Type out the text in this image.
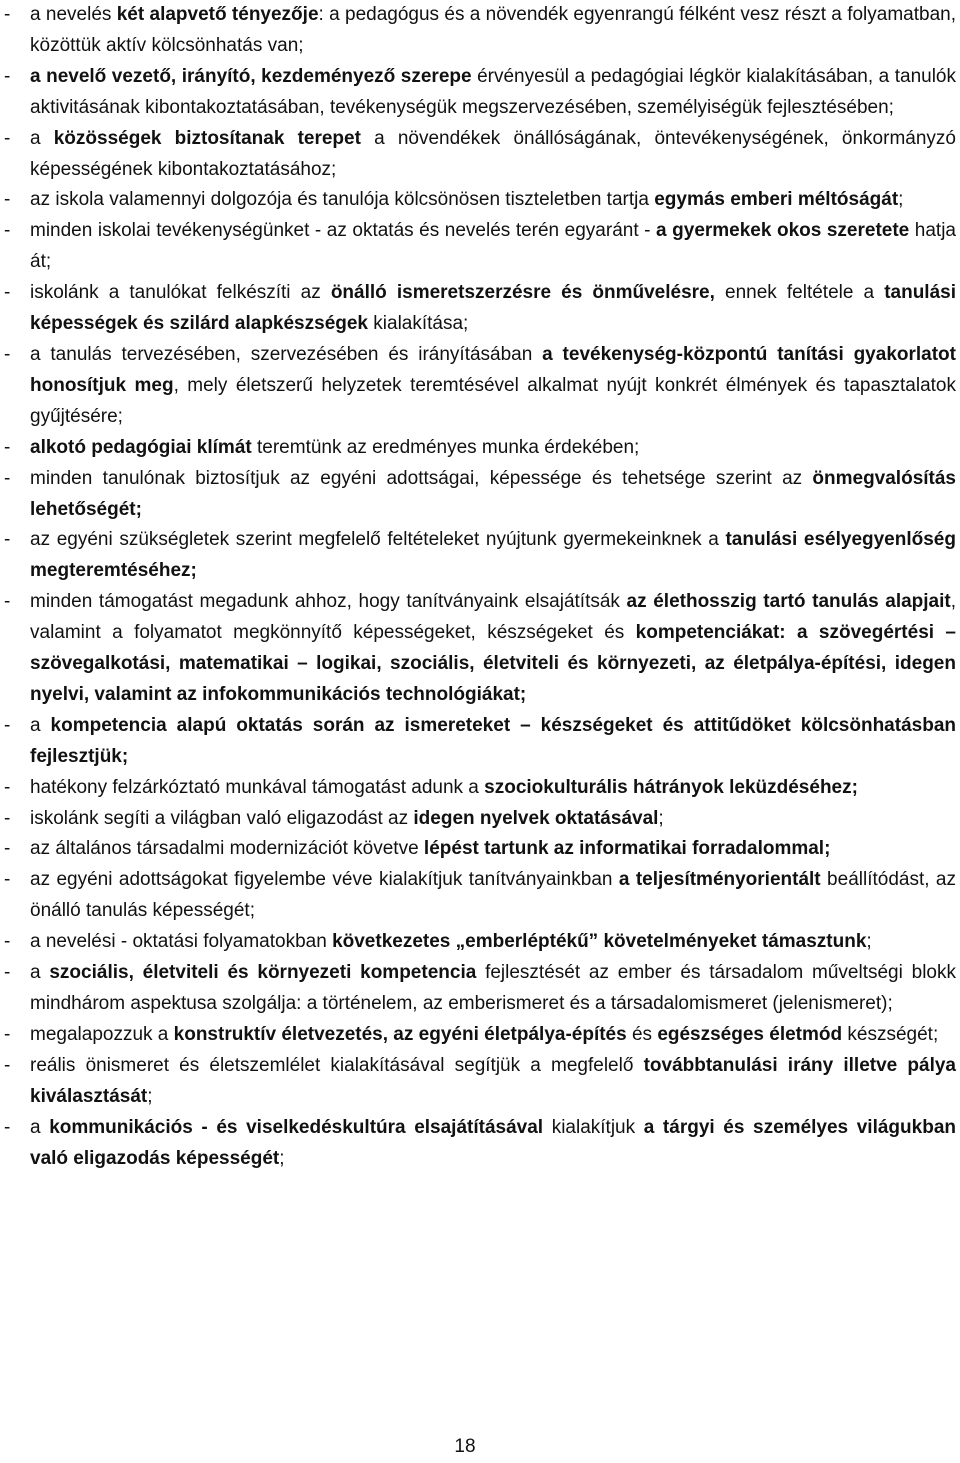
- a nevelés két alapvető tényezője: a pedagógus és a növendék egyenrangú félként vesz részt a folyamatban, közöttük aktív kölcsönhatás van;
- a nevelő vezető, irányító, kezdeményező szerepe érvényesül a pedagógiai légkör kialakításában, a tanulók aktivitásának kibontakoztatásában, tevékenységük megszervezésében, személyiségük fejlesztésében;
- a közösségek biztosítanak terepet a növendékek önállóságának, öntevékenységének, önkormányzó képességének kibontakoztatásához;
- az iskola valamennyi dolgozója és tanulója kölcsönösen tiszteletben tartja egymás emberi méltóságát;
- minden iskolai tevékenységünket - az oktatás és nevelés terén egyaránt - a gyermekek okos szeretete hatja át;
- iskolánk a tanulókat felkészíti az önálló ismeretszerzésre és önművelésre, ennek feltétele a tanulási képességek és szilárd alapkészségek kialakítása;
- a tanulás tervezésében, szervezésében és irányításában a tevékenység-központú tanítási gyakorlatot honosítjuk meg, mely életszerű helyzetek teremtésével alkalmat nyújt konkrét élmények és tapasztalatok gyűjtésére;
- alkotó pedagógiai klímát teremtünk az eredményes munka érdekében;
- minden tanulónak biztosítjuk az egyéni adottságai, képessége és tehetsége szerint az önmegvalósítás lehetőségét;
- az egyéni szükségletek szerint megfelelő feltételeket nyújtunk gyermekeinknek a tanulási esélyegyenlőség megteremtéséhez;
- minden támogatást megadunk ahhoz, hogy tanítványaink elsajátítsák az élethosszig tartó tanulás alapjait, valamint a folyamatot megkönnyítő képességeket, készségeket és kompetenciákat: a szövegértési – szövegalkotási, matematikai – logikai, szociális, életviteli és környezeti, az életpálya-építési, idegen nyelvi, valamint az infokommunikációs technológiákat;
- a kompetencia alapú oktatás során az ismereteket – készségeket és attitűdöket kölcsönhatásban fejlesztjük;
- hatékony felzárkóztató munkával támogatást adunk a szociokulturális hátrányok leküzdéséhez;
- iskolánk segíti a világban való eligazodást az idegen nyelvek oktatásával;
- az általános társadalmi modernizációt követve lépést tartunk az informatikai forradalommal;
- az egyéni adottságokat figyelembe véve kialakítjuk tanítványainkban a teljesítményorientált beállítódást, az önálló tanulás képességét;
- a nevelési - oktatási folyamatokban következetes „emberléptékű” követelményeket támasztunk;
- a szociális, életviteli és környezeti kompetencia fejlesztését az ember és társadalom műveltségi blokk mindhárom aspektusa szolgálja: a történelem, az emberismeret és a társadalomismeret (jelenismeret);
- megalapozzuk a konstruktív életvezetés, az egyéni életpálya-építés és egészséges életmód készségét;
- reális önismeret és életszemlélet kialakításával segítjük a megfelelő továbbtanulási irány illetve pálya kiválasztását;
- a kommunikációs - és viselkedéskultúra elsajátításával kialakítjuk a tárgyi és személyes világukban való eligazodás képességét;
18
